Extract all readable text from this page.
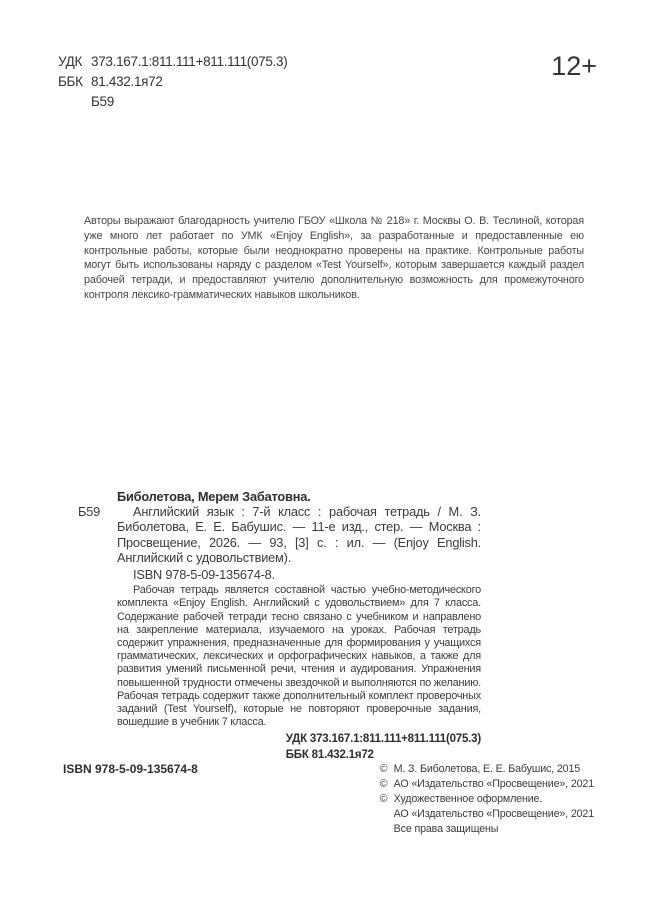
УДК 373.167.1:811.111+811.111(075.3)
ББК 81.432.1я72
Б59
12+

Авторы выражают благодарность учителю ГБОУ «Школа № 218» г. Москвы О. В. Теслиной, которая уже много лет работает по УМК «Enjoy English», за разработанные и предоставленные ею контрольные работы, которые были неоднократно проверены на практике. Контрольные работы могут быть использованы наряду с разделом «Test Yourself», которым завершается каждый раздел рабочей тетради, и предоставляют учителю дополнительную возможность для промежуточного контроля лексико-грамматических навыков школьников.

Биболетова, Мерем Забатовна.
Б59	Английский язык : 7-й класс : рабочая тетрадь / М. З. Биболетова, Е. Е. Бабушис. — 11-е изд., стер. — Москва : Просвещение, 2026. — 93, [3] с. : ил. — (Enjoy English. Английский с удовольствием).

ISBN 978-5-09-135674-8.

Рабочая тетрадь является составной частью учебно-методического комплекта «Enjoy English. Английский с удовольствием» для 7 класса. Содержание рабочей тетради тесно связано с учебником и направлено на закрепление материала, изучаемого на уроках. Рабочая тетрадь содержит упражнения, предназначенные для формирования у учащихся грамматических, лексических и орфографических навыков, а также для развития умений письменной речи, чтения и аудирования. Упражнения повышенной трудности отмечены звездочкой и выполняются по желанию. Рабочая тетрадь содержит также дополнительный комплект проверочных заданий (Test Yourself), которые не повторяют проверочные задания, вошедшие в учебник 7 класса.

УДК 373.167.1:811.111+811.111(075.3)
ББК 81.432.1я72
ISBN 978-5-09-135674-8	© М. З. Биболетова, Е. Е. Бабушис, 2015
© АО «Издательство «Просвещение», 2021
© Художественное оформление.
АО «Издательство «Просвещение», 2021
Все права защищены
